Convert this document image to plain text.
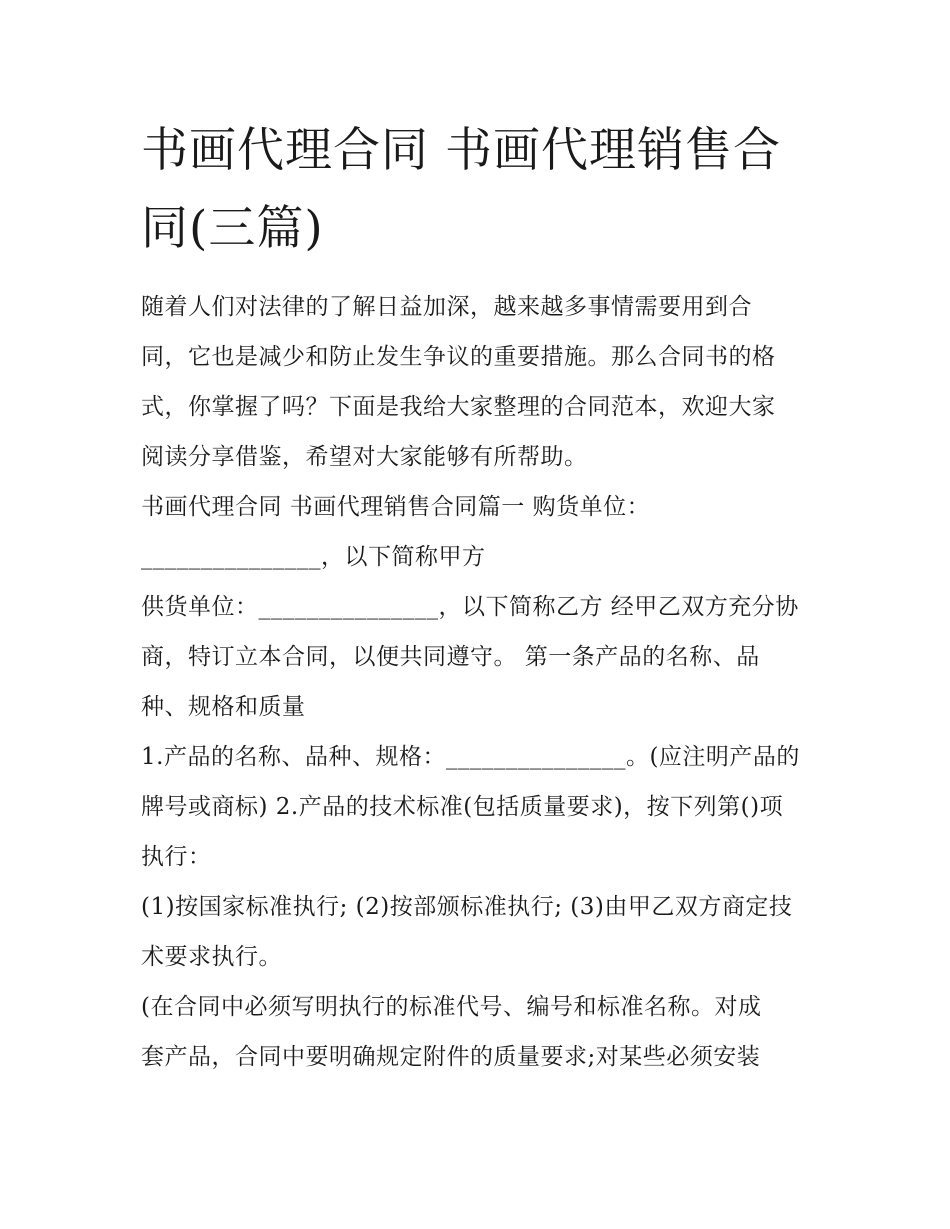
书画代理合同 书画代理销售合
同(三篇)

随着人们对法律的了解日益加深，越来越多事情需要用到合
同，它也是减少和防止发生争议的重要措施。那么合同书的格
式，你掌握了吗？下面是我给大家整理的合同范本，欢迎大家
阅读分享借鉴，希望对大家能够有所帮助。

书画代理合同 书画代理销售合同篇一 购货单位：
_______________，以下简称甲方

供货单位：_______________，以下简称乙方 经甲乙双方充分协
商，特订立本合同，以便共同遵守。 第一条产品的名称、品
种、规格和质量

1.产品的名称、品种、规格：_______________。(应注明产品的
牌号或商标) 2.产品的技术标准(包括质量要求)，按下列第()项
执行：

(1)按国家标准执行; (2)按部颁标准执行; (3)由甲乙双方商定技
术要求执行。

(在合同中必须写明执行的标准代号、编号和标准名称。对成
套产品，合同中要明确规定附件的质量要求;对某些必须安装
